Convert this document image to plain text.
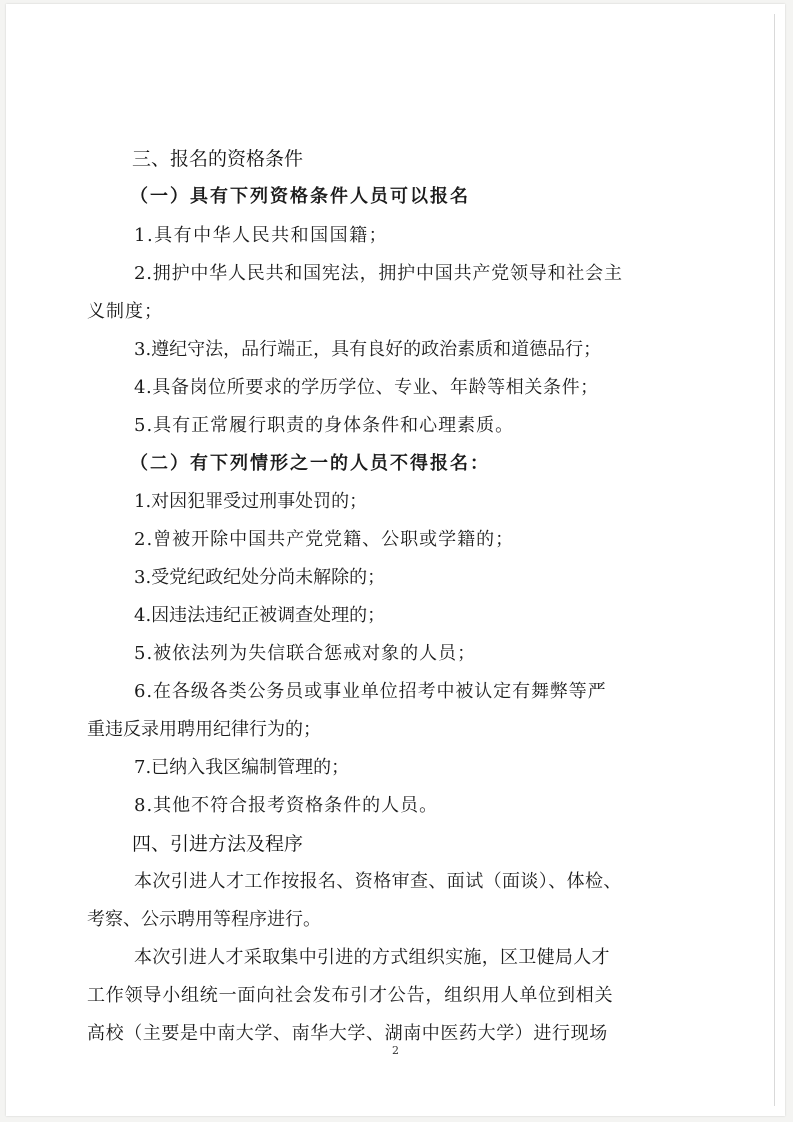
三、报名的资格条件
（一）具有下列资格条件人员可以报名
1.具有中华人民共和国国籍；
2.拥护中华人民共和国宪法，拥护中国共产党领导和社会主
义制度；
3.遵纪守法，品行端正，具有良好的政治素质和道德品行；
4.具备岗位所要求的学历学位、专业、年龄等相关条件；
5.具有正常履行职责的身体条件和心理素质。
（二）有下列情形之一的人员不得报名：
1.对因犯罪受过刑事处罚的；
2.曾被开除中国共产党党籍、公职或学籍的；
3.受党纪政纪处分尚未解除的；
4.因违法违纪正被调查处理的；
5.被依法列为失信联合惩戒对象的人员；
6.在各级各类公务员或事业单位招考中被认定有舞弊等严
重违反录用聘用纪律行为的；
7.已纳入我区编制管理的；
8.其他不符合报考资格条件的人员。
四、引进方法及程序
本次引进人才工作按报名、资格审查、面试（面谈）、体检、
考察、公示聘用等程序进行。
本次引进人才采取集中引进的方式组织实施，区卫健局人才
工作领导小组统一面向社会发布引才公告，组织用人单位到相关
高校（主要是中南大学、南华大学、湖南中医药大学）进行现场
2
